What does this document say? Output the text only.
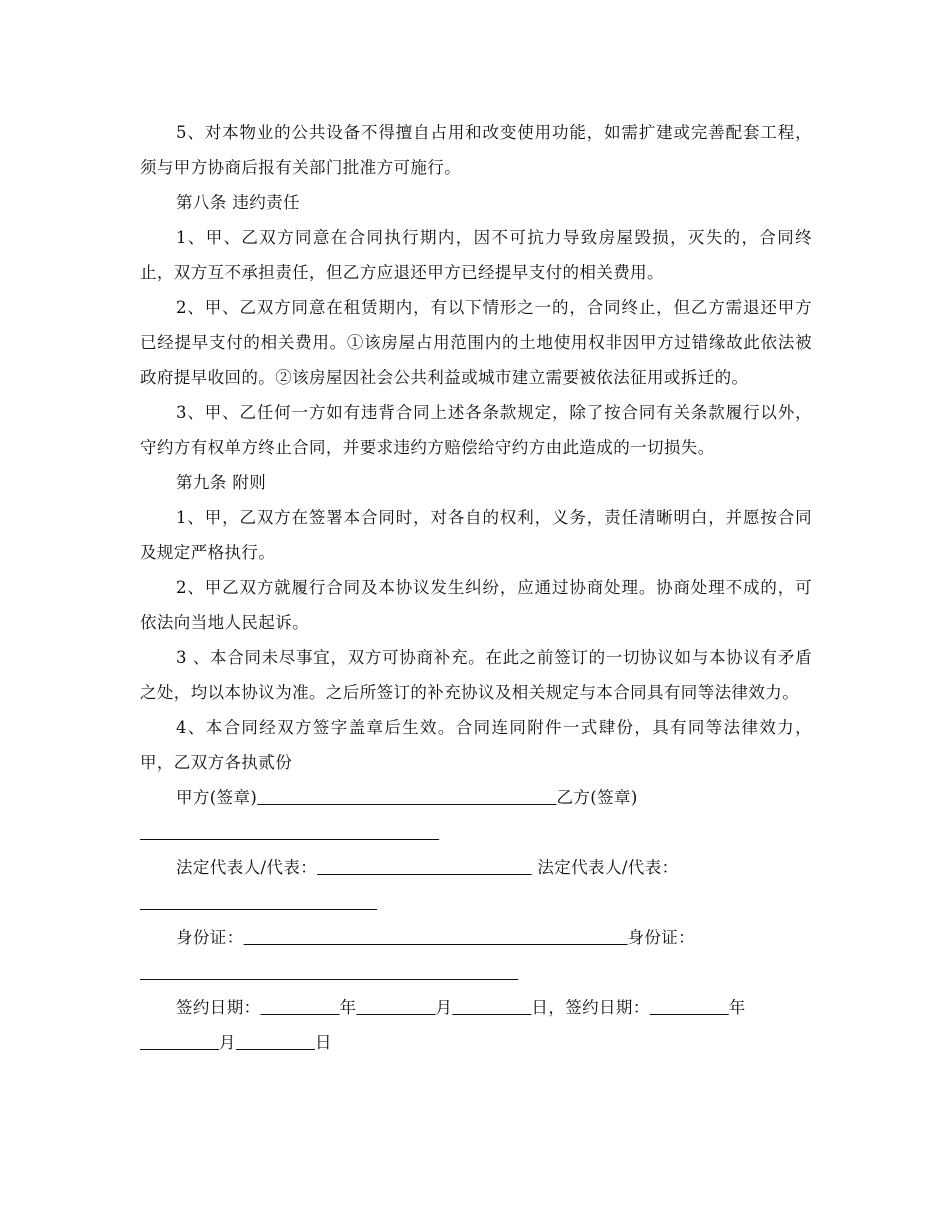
5、对本物业的公共设备不得擅自占用和改变使用功能，如需扩建或完善配套工程，须与甲方协商后报有关部门批准方可施行。

第八条 违约责任

1、甲、乙双方同意在合同执行期内，因不可抗力导致房屋毁损，灭失的，合同终止，双方互不承担责任，但乙方应退还甲方已经提早支付的相关费用。

2、甲、乙双方同意在租赁期内，有以下情形之一的，合同终止，但乙方需退还甲方已经提早支付的相关费用。①该房屋占用范围内的土地使用权非因甲方过错缘故此依法被政府提早收回的。②该房屋因社会公共利益或城市建立需要被依法征用或拆迁的。

3、甲、乙任何一方如有违背合同上述各条款规定，除了按合同有关条款履行以外，守约方有权单方终止合同，并要求违约方赔偿给守约方由此造成的一切损失。

第九条 附则

1、甲，乙双方在签署本合同时，对各自的权利，义务，责任清晰明白，并愿按合同及规定严格执行。

2、甲乙双方就履行合同及本协议发生纠纷，应通过协商处理。协商处理不成的，可依法向当地人民起诉。

3 、本合同未尽事宜，双方可协商补充。在此之前签订的一切协议如与本协议有矛盾之处，均以本协议为准。之后所签订的补充协议及相关规定与本合同具有同等法律效力。

4、本合同经双方签字盖章后生效。合同连同附件一式肆份，具有同等法律效力，甲，乙双方各执贰份

甲方(签章)	乙方(签章)

法定代表人/代表：	法定代表人/代表：

身份证：	身份证：

签约日期：	年	月	日，签约日期：	年              月	日
